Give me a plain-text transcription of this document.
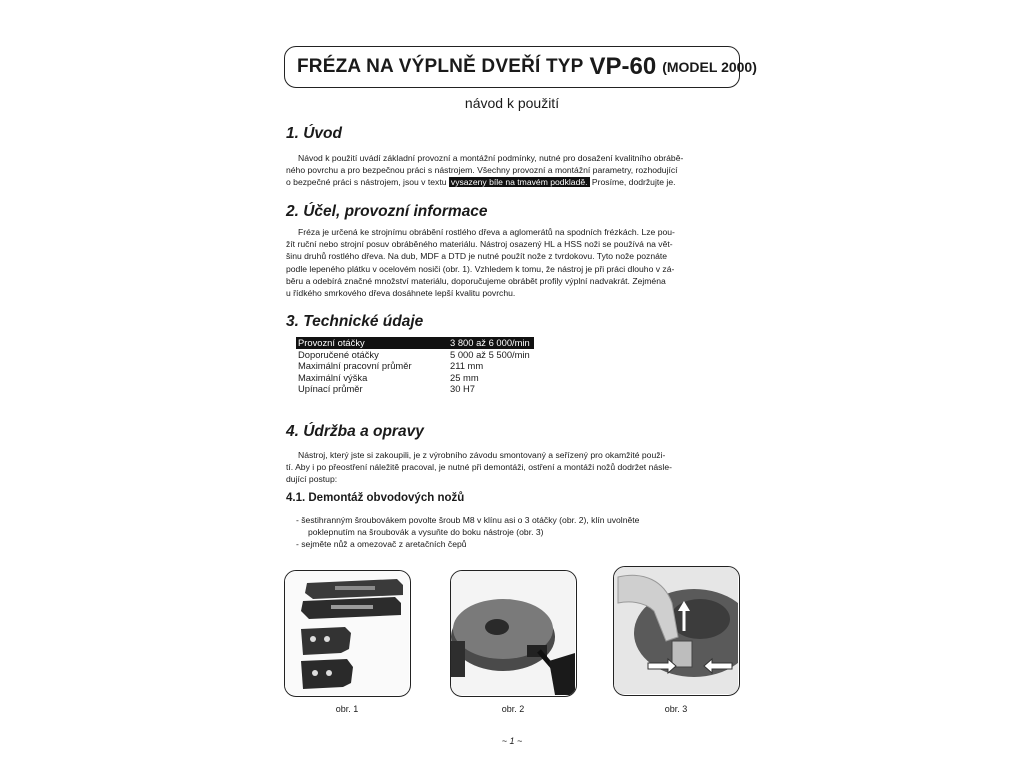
FRÉZA NA VÝPLNĚ DVEŘÍ TYP VP-60 (MODEL 2000)
návod k použití
1. Úvod
Návod k použití uvádí základní provozní a montážní podmínky, nutné pro dosažení kvalitního obrábě-
ného povrchu a pro bezpečnou práci s nástrojem. Všechny provozní a montážní parametry, rozhodující
o bezpečné práci s nástrojem, jsou v textu vysazeny bíle na tmavém podkladě. Prosíme, dodržujte je.
2. Účel, provozní informace
Fréza je určená ke strojnímu obrábění rostlého dřeva a aglomerátů na spodních frézkách. Lze pou-
žít ruční nebo strojní posuv obráběného materiálu. Nástroj osazený HL a HSS noži se používá na vět-
šinu druhů rostlého dřeva. Na dub, MDF a DTD je nutné použít nože z tvrdokovu. Tyto nože poznáte
podle lepeného plátku v ocelovém nosiči (obr. 1). Vzhledem k tomu, že nástroj je při práci dlouho v zá-
běru a odebírá značné množství materiálu, doporučujeme obrábět profily výplní nadvakrát. Zejména
u řídkého smrkového dřeva dosáhnete lepší kvalitu povrchu.
3. Technické údaje
Provozní otáčky	3 800 až 6 000/min
Doporučené otáčky	5 000 až 5 500/min
Maximální pracovní průměr	211 mm
Maximální výška	25 mm
Upínací průměr	30 H7
4. Údržba a opravy
Nástroj, který jste si zakoupili, je z výrobního závodu smontovaný a seřízený pro okamžité použi-
tí. Aby i po přeostření náležitě pracoval, je nutné při demontáži, ostření a montáži nožů dodržet násle-
dující postup:
4.1. Demontáž obvodových nožů
- šestihranným šroubovákem povolte šroub M8 v klínu asi o 3 otáčky (obr. 2), klín uvolněte
poklepnutím na šroubovák a vysuňte do boku nástroje (obr. 3)
- sejměte nůž a omezovač z aretačních čepů
obr. 1	obr. 2	obr. 3
~ 1 ~
